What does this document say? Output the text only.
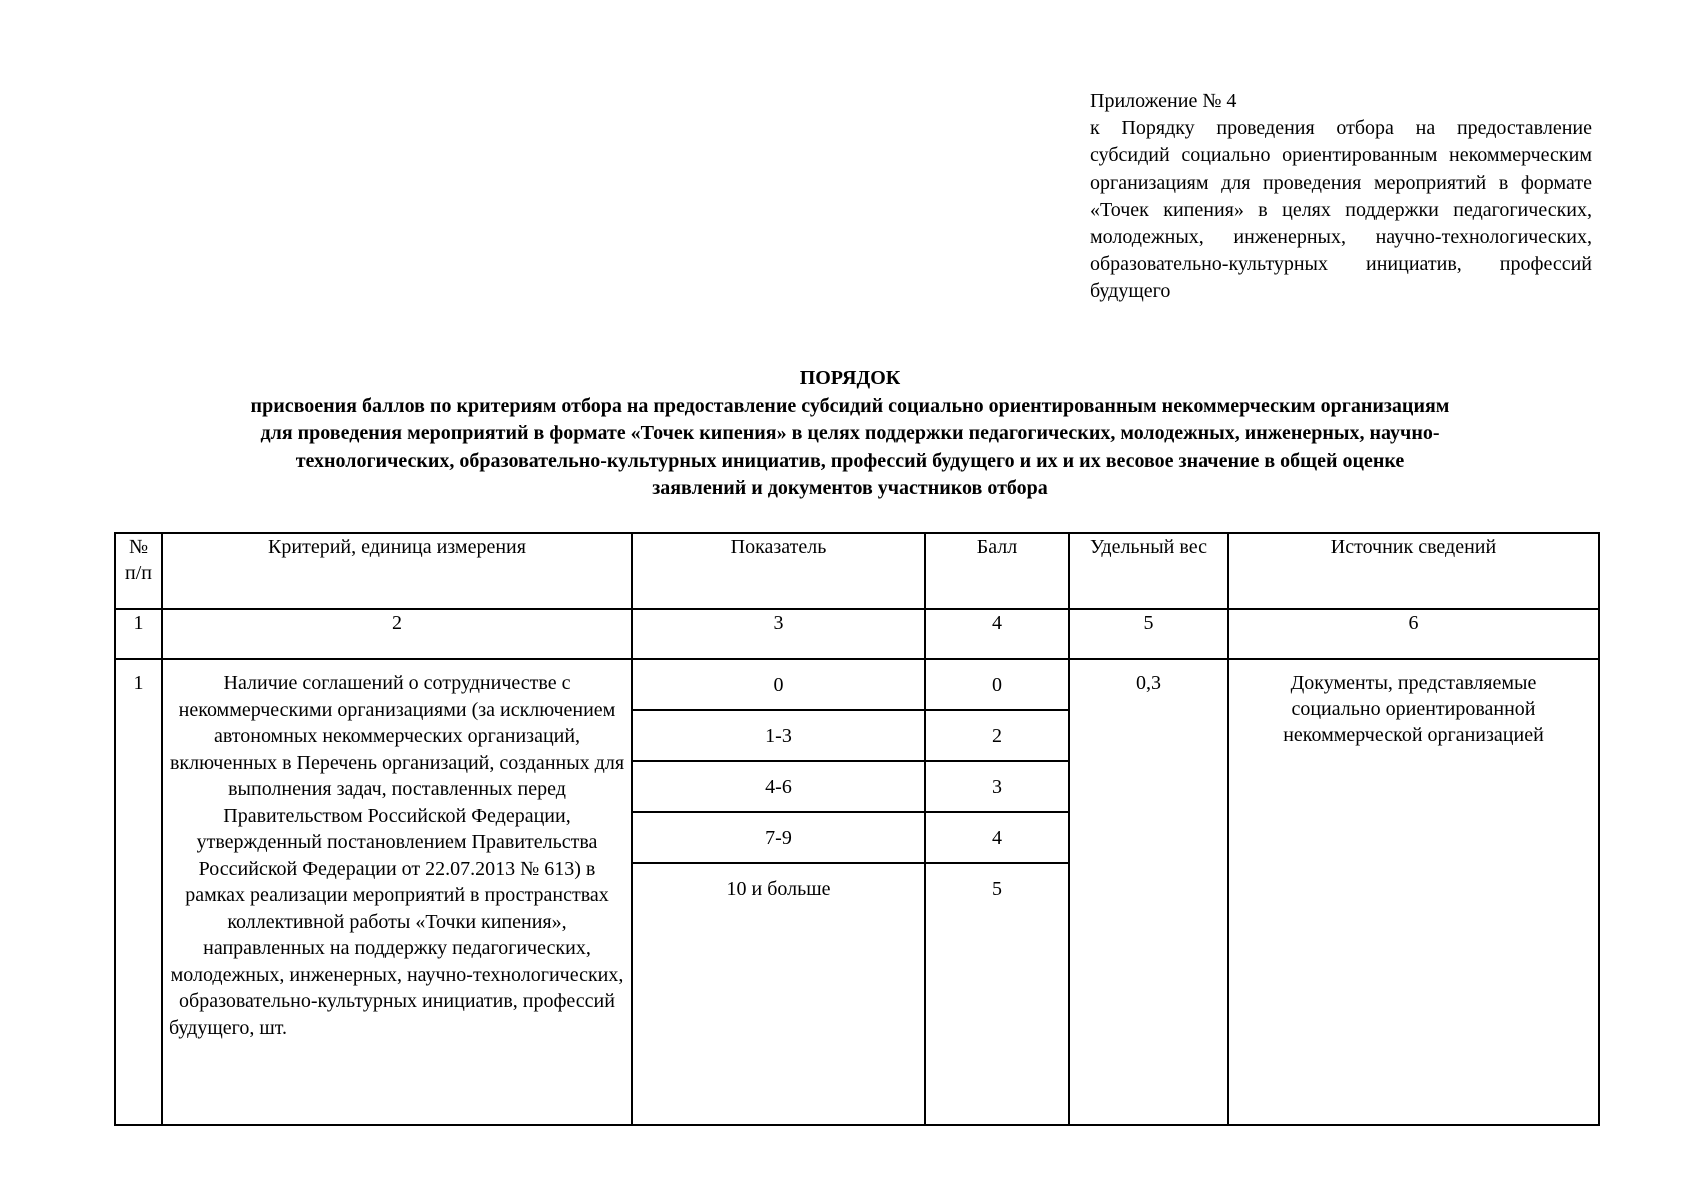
Приложение № 4

к Порядку проведения отбора на предоставление субсидий социально ориентированным некоммерческим организациям для проведения мероприятий в формате «Точек кипения» в целях поддержки педагогических, молодежных, инженерных, научно-технологических, образовательно-культурных инициатив, профессий будущего

ПОРЯДОК

присвоения баллов по критериям отбора на предоставление субсидий социально ориентированным некоммерческим организациям

для проведения мероприятий в формате «Точек кипения» в целях поддержки педагогических, молодежных, инженерных, научно-

технологических, образовательно-культурных инициатив, профессий будущего и их и их весовое значение в общей оценке

заявлений и документов участников отбора

№ п/п	Критерий, единица измерения	Показатель	Балл	Удельный вес	Источник сведений
1	2	3	4	5	6
1	Наличие соглашений о сотрудничестве с некоммерческими организациями (за исключением автономных некоммерческих организаций, включенных в Перечень организаций, созданных для выполнения задач, поставленных перед Правительством Российской Федерации, утвержденный постановлением Правительства Российской Федерации от 22.07.2013 № 613) в рамках реализации мероприятий в пространствах коллективной работы «Точки кипения», направленных на поддержку педагогических, молодежных, инженерных, научно-технологических, образовательно-культурных инициатив, профессий будущего, шт.	0	0	0,3	Документы, представляемые социально ориентированной некоммерческой организацией
		1-3	2		
		4-6	3		
		7-9	4		
		10 и больше	5		
